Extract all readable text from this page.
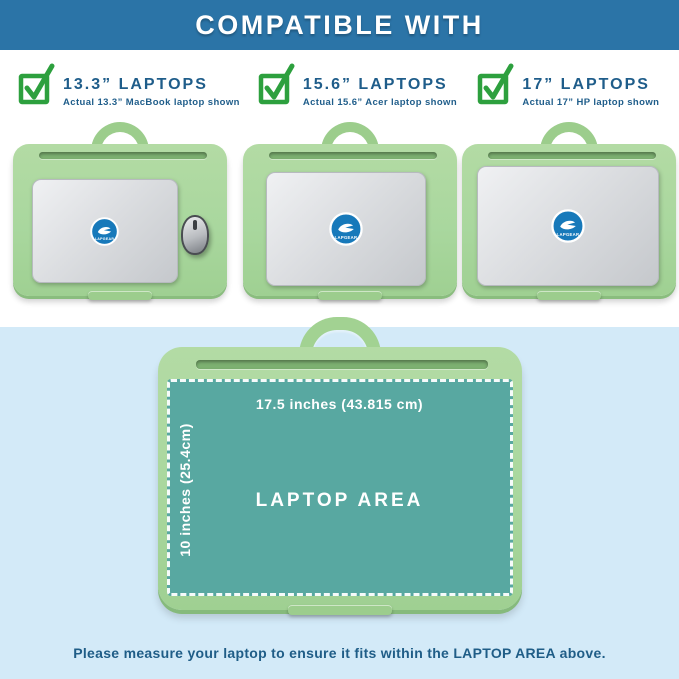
COMPATIBLE WITH
13.3” LAPTOPS
Actual 13.3” MacBook laptop shown
LAPGEAR
15.6” LAPTOPS
Actual 15.6” Acer laptop shown
LAPGEAR
17” LAPTOPS
Actual 17” HP laptop shown
LAPGEAR
17.5 inches (43.815 cm)
10 inches (25.4cm)	LAPTOP AREA
Please measure your laptop to ensure it fits within the LAPTOP AREA above.
